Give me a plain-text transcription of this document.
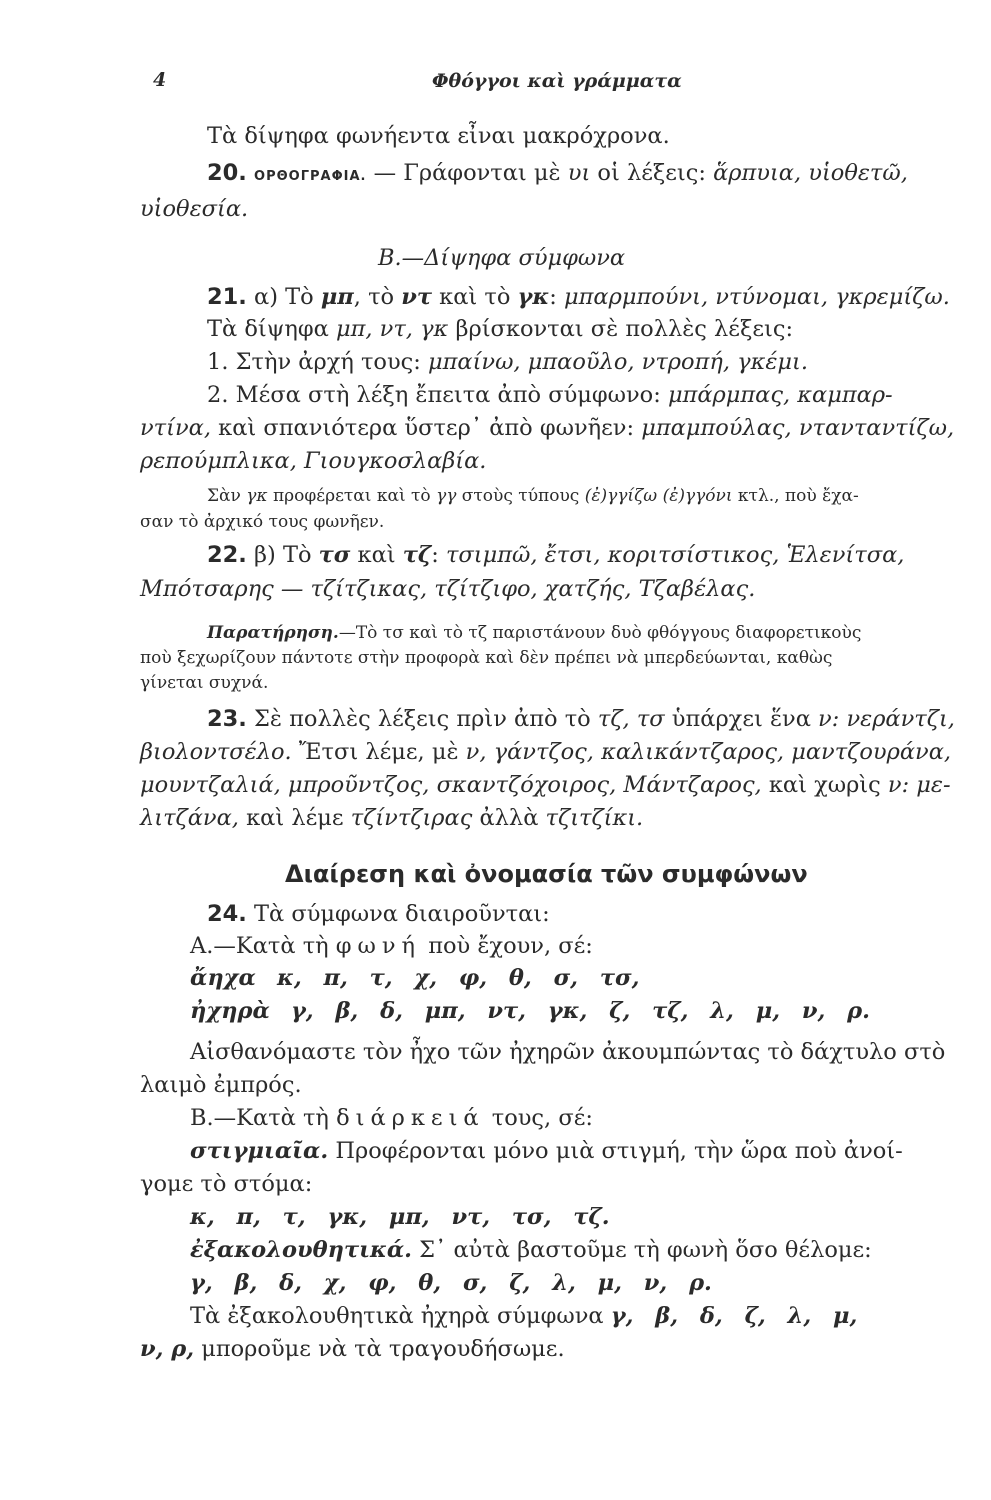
4	Φθόγγοι καὶ γράμματα
Τὰ δίψηφα φωνήεντα εἶναι μακρόχρονα.
20. ΟΡΘΟΓΡΑΦΙΑ. — Γράφονται μὲ υι οἱ λέξεις: ἅρπυια, υἱοθετῶ,
υἱοθεσία.
Β.—Δίψηφα σύμφωνα
21. α) Τὸ μπ, τὸ ντ καὶ τὸ γκ: μπαρμπούνι, ντύνομαι, γκρεμίζω.
Τὰ δίψηφα μπ, ντ, γκ βρίσκονται σὲ πολλὲς λέξεις:
1. Στὴν ἀρχή τους: μπαίνω, μπαοῦλο, ντροπή, γκέμι.
2. Μέσα στὴ λέξη ἔπειτα ἀπὸ σύμφωνο: μπάρμπας, καμπαρ-
ντίνα, καὶ σπανιότερα ὕστερ᾽ ἀπὸ φωνῆεν: μπαμπούλας, ντανταντίζω,
ρεπούμπλικα, Γιουγκοσλαβία.
Σὰν γκ προφέρεται καὶ τὸ γγ στοὺς τύπους (ἐ)γγίζω (ἐ)γγόνι κτλ., ποὺ ἔχα-
σαν τὸ ἀρχικό τους φωνῆεν.
22. β) Τὸ τσ καὶ τζ: τσιμπῶ, ἔτσι, κοριτσίστικος, Ἑλενίτσα,
Μπότσαρης — τζίτζικας, τζίτζιφο, χατζής, Τζαβέλας.
Παρατήρηση.—Τὸ τσ καὶ τὸ τζ παριστάνουν δυὸ φθόγγους διαφορετικοὺς
ποὺ ξεχωρίζουν πάντοτε στὴν προφορὰ καὶ δὲν πρέπει νὰ μπερδεύωνται, καθὼς
γίνεται συχνά.
23. Σὲ πολλὲς λέξεις πρὶν ἀπὸ τὸ τζ, τσ ὑπάρχει ἕνα ν: νεράντζι,
βιολοντσέλο. Ἔτσι λέμε, μὲ ν, γάντζος, καλικάντζαρος, μαντζουράνα,
μουντζαλιά, μπροῦντζος, σκαντζόχοιρος, Μάντζαρος, καὶ χωρὶς ν: με-
λιτζάνα, καὶ λέμε τζίντζιρας ἀλλὰ τζιτζίκι.
Διαίρεση καὶ ὀνομασία τῶν συμφώνων
24. Τὰ σύμφωνα διαιροῦνται:
Α.—Κατὰ τὴ φωνή ποὺ ἔχουν, σέ:
ἄηχα κ, π, τ, χ, φ, θ, σ, τσ,
ἠχηρὰ γ, β, δ, μπ, ντ, γκ, ζ, τζ, λ, μ, ν, ρ.
Αἰσθανόμαστε τὸν ἦχο τῶν ἠχηρῶν ἀκουμπώντας τὸ δάχτυλο στὸ
λαιμὸ ἐμπρός.
Β.—Κατὰ τὴ διάρκειά τους, σέ:
στιγμιαῖα. Προφέρονται μόνο μιὰ στιγμή, τὴν ὥρα ποὺ ἀνοί-
γομε τὸ στόμα:
κ, π, τ, γκ, μπ, ντ, τσ, τζ.
ἐξακολουθητικά. Σ᾽ αὐτὰ βαστοῦμε τὴ φωνὴ ὅσο θέλομε:
γ, β, δ, χ, φ, θ, σ, ζ, λ, μ, ν, ρ.
Τὰ ἐξακολουθητικὰ ἠχηρὰ σύμφωνα γ, β, δ, ζ, λ, μ,
ν, ρ, μποροῦμε νὰ τὰ τραγουδήσωμε.
